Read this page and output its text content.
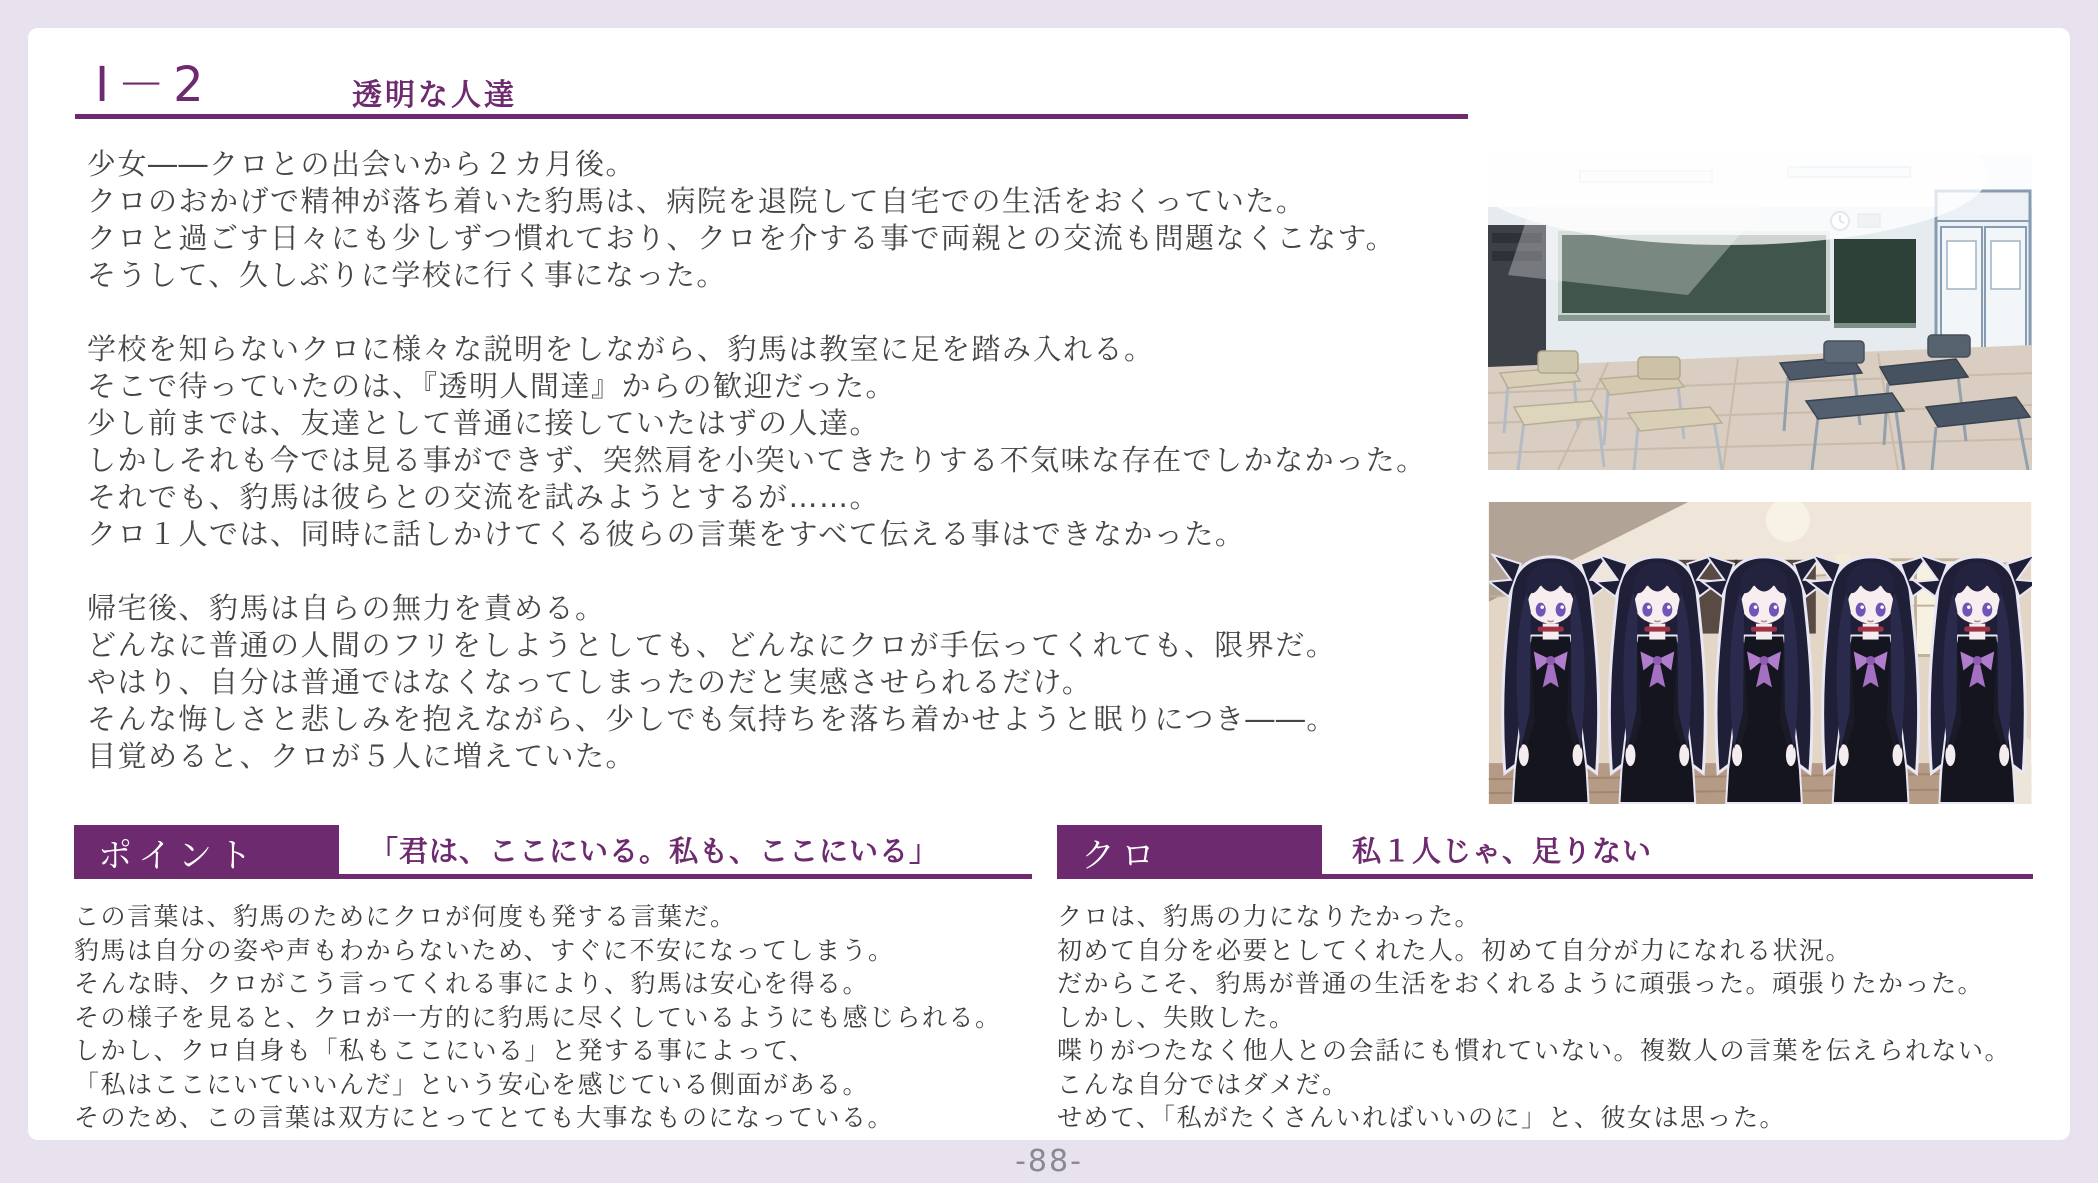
Ⅰ－2	透明な人達
少女――クロとの出会いから２カ月後。
クロのおかげで精神が落ち着いた豹馬は、病院を退院して自宅での生活をおくっていた。
クロと過ごす日々にも少しずつ慣れており、クロを介する事で両親との交流も問題なくこなす。
そうして、久しぶりに学校に行く事になった。
学校を知らないクロに様々な説明をしながら、豹馬は教室に足を踏み入れる。
そこで待っていたのは、『透明人間達』からの歓迎だった。
少し前までは、友達として普通に接していたはずの人達。
しかしそれも今では見る事ができず、突然肩を小突いてきたりする不気味な存在でしかなかった。
それでも、豹馬は彼らとの交流を試みようとするが……。
クロ１人では、同時に話しかけてくる彼らの言葉をすべて伝える事はできなかった。
帰宅後、豹馬は自らの無力を責める。
どんなに普通の人間のフリをしようとしても、どんなにクロが手伝ってくれても、限界だ。
やはり、自分は普通ではなくなってしまったのだと実感させられるだけ。
そんな悔しさと悲しみを抱えながら、少しでも気持ちを落ち着かせようと眠りにつき――。
目覚めると、クロが５人に増えていた。
ポイント	「君は、ここにいる。私も、ここにいる」
この言葉は、豹馬のためにクロが何度も発する言葉だ。
豹馬は自分の姿や声もわからないため、すぐに不安になってしまう。
そんな時、クロがこう言ってくれる事により、豹馬は安心を得る。
その様子を見ると、クロが一方的に豹馬に尽くしているようにも感じられる。
しかし、クロ自身も「私もここにいる」と発する事によって、
「私はここにいていいんだ」という安心を感じている側面がある。
そのため、この言葉は双方にとってとても大事なものになっている。
クロ	私１人じゃ、足りない
クロは、豹馬の力になりたかった。
初めて自分を必要としてくれた人。初めて自分が力になれる状況。
だからこそ、豹馬が普通の生活をおくれるように頑張った。頑張りたかった。
しかし、失敗した。
喋りがつたなく他人との会話にも慣れていない。複数人の言葉を伝えられない。
こんな自分ではダメだ。
せめて、「私がたくさんいればいいのに」と、彼女は思った。
-88-
